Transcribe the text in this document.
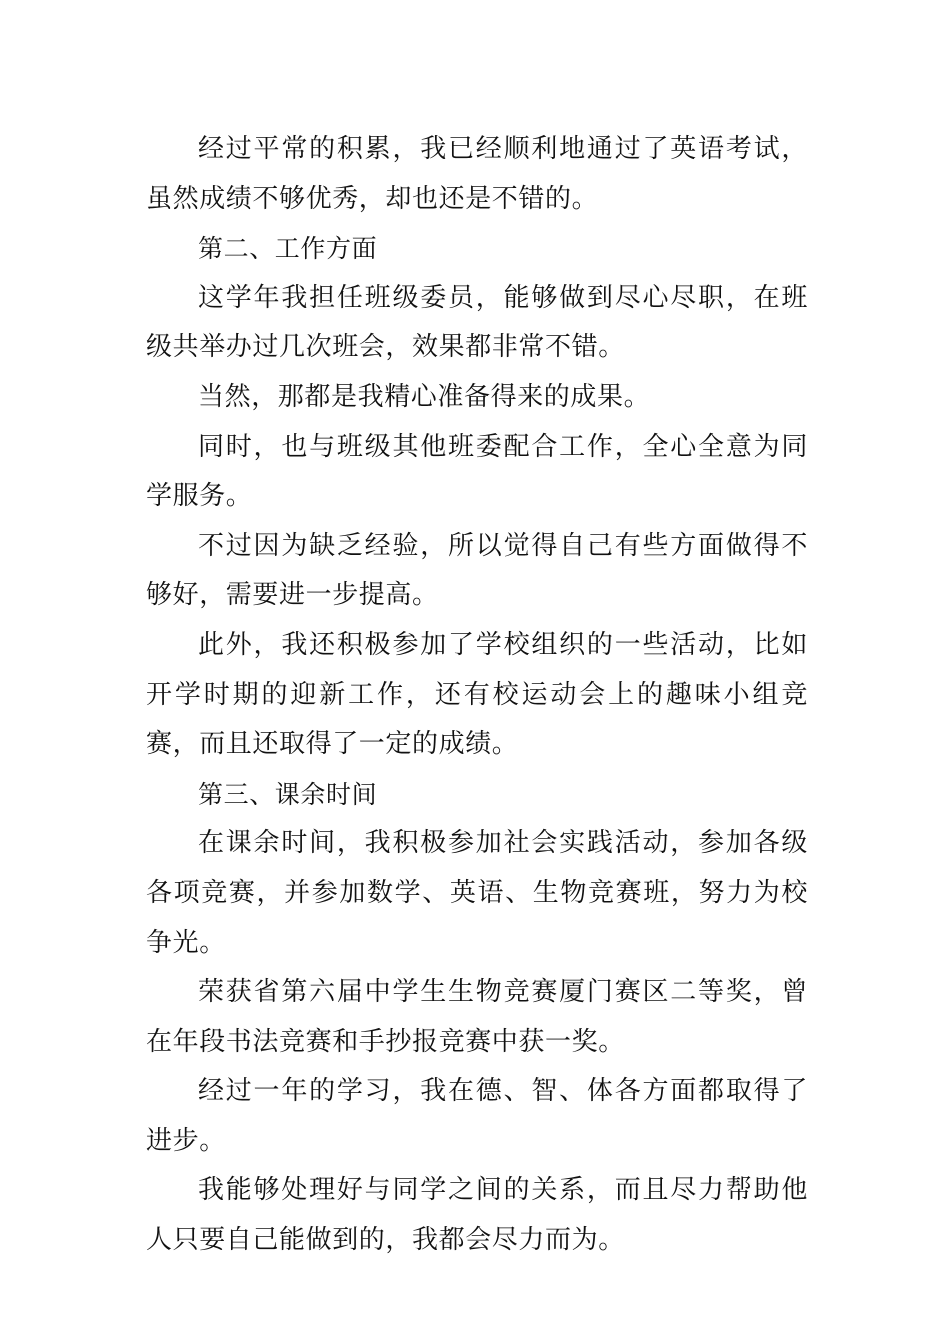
经过平常的积累，我已经顺利地通过了英语考试，虽然成绩不够优秀，却也还是不错的。

第二、工作方面

这学年我担任班级委员，能够做到尽心尽职，在班级共举办过几次班会，效果都非常不错。

当然，那都是我精心准备得来的成果。

同时，也与班级其他班委配合工作，全心全意为同学服务。

不过因为缺乏经验，所以觉得自己有些方面做得不够好，需要进一步提高。

此外，我还积极参加了学校组织的一些活动，比如开学时期的迎新工作，还有校运动会上的趣味小组竞赛，而且还取得了一定的成绩。

第三、课余时间

在课余时间，我积极参加社会实践活动，参加各级各项竞赛，并参加数学、英语、生物竞赛班，努力为校争光。

荣获省第六届中学生生物竞赛厦门赛区二等奖，曾在年段书法竞赛和手抄报竞赛中获一奖。

经过一年的学习，我在德、智、体各方面都取得了进步。

我能够处理好与同学之间的关系，而且尽力帮助他人只要自己能做到的，我都会尽力而为。
